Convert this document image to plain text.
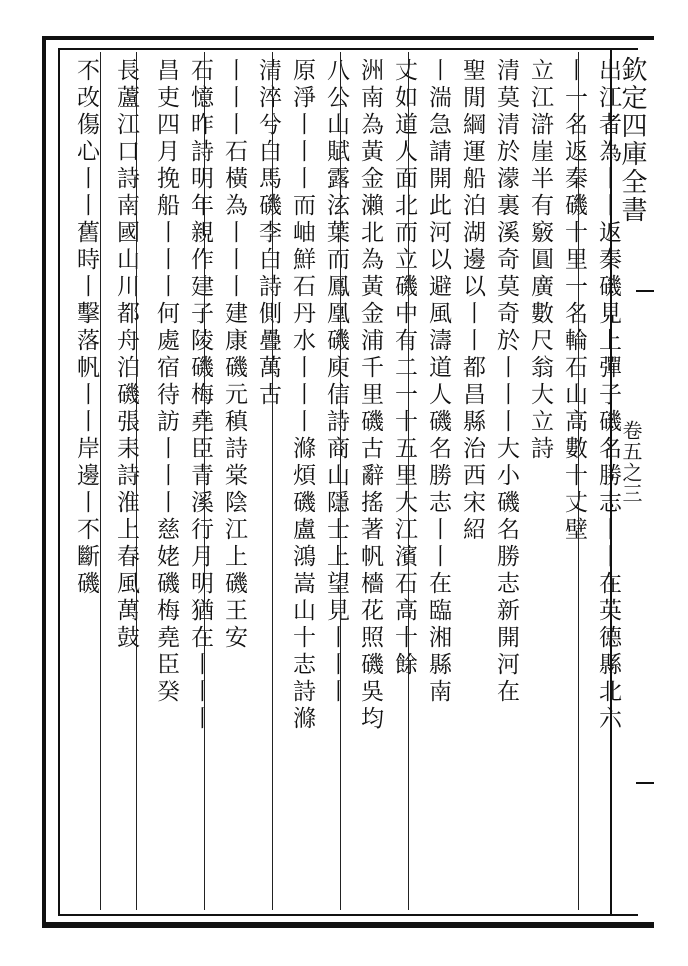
欽定四庫全書
卷五之三
出江者為丨丨返秦磯見上彈子磯名勝志丨丨在英德縣北六
丨一名返秦磯十里一名輪石山高數十丈壁
立江滸崖半有竅圓廣數尺翁大立詩
清莫清於濛裏溪奇莫奇於丨丨丨大小磯名勝志新開河在
聖閒綱運船泊湖邊以丨丨都昌縣治西宋紹
丨湍急請開此河以避風濤道人磯名勝志丨丨在臨湘縣南
丈如道人面北而立磯中有二一十五里大江濱石高十餘
洲南為黃金瀨北為黃金浦千里磯古辭搖著帆檣花照磯吳均
八公山賦露泫葉而鳳凰磯庾信詩商山隱士上望見丨丨丨
原淨丨丨丨而岫鮮石丹水丨丨丨滌煩磯盧鴻嵩山十志詩滌
清淬兮白馬磯李白詩側疊萬古
丨丨丨石橫為丨丨丨建康磯元稹詩棠陰江上磯王安
石憶昨詩明年親作建子陵磯梅堯臣青溪行月明猶在丨丨丨
昌吏四月挽船丨丨丨何處宿待訪丨丨丨慈姥磯梅堯臣癸
長蘆江口詩南國山川都舟泊磯張耒詩淮上春風萬鼓
不改傷心丨丨舊時丨擊落帆丨丨岸邊丨不斷磯
